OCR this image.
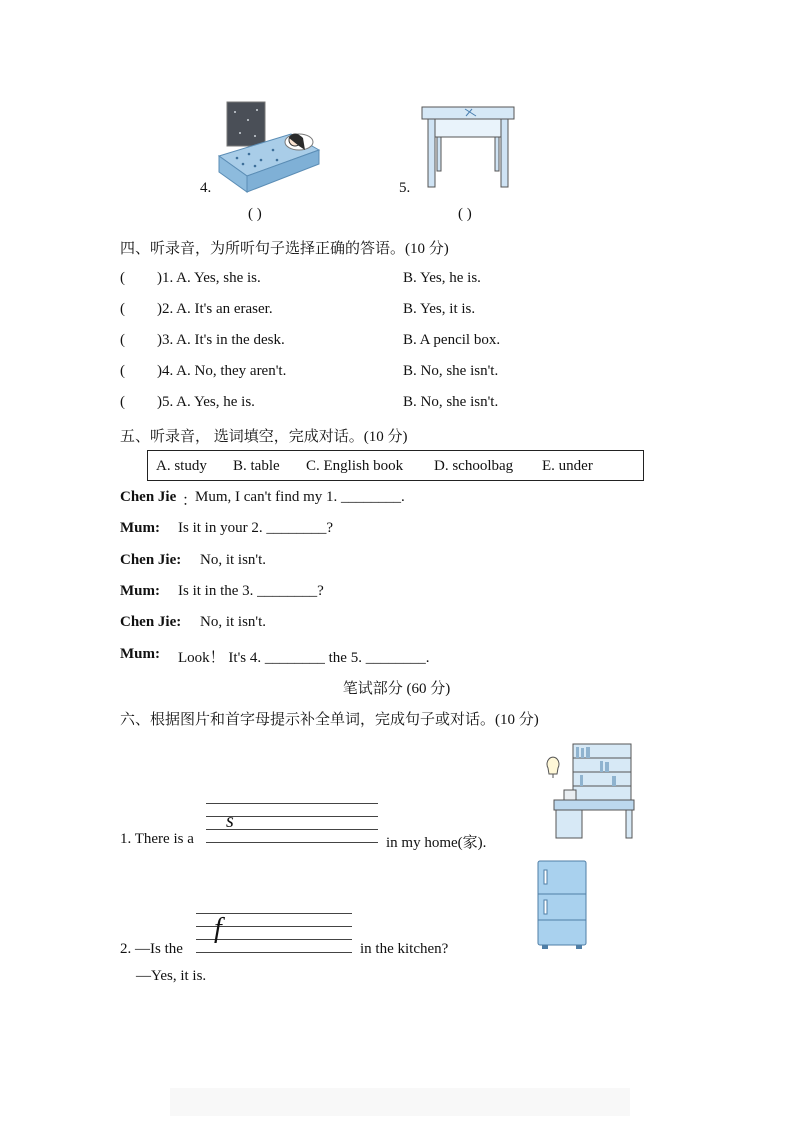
4.
( )
5.
( )
四、听录音，为所听句子选择正确的答语。(10 分)
( )1. A. Yes, she is.	B. Yes, he is.
( )2. A. It's an eraser.	B. Yes, it is.
( )3. A. It's in the desk.	B. A pencil box.
( )4. A. No, they aren't.	B. No, she isn't.
( )5. A. Yes, he is.	B. No, she isn't.
五、听录音， 选词填空，完成对话。(10 分)
A. study B. table C. English book D. schoolbag E. under
Chen Jie ：
Mum, I can't find my 1. ________.
Mum: Is it in your 2. ________?
Chen Jie: No, it isn't.
Mum: Is it in the 3. ________?
Chen Jie: No, it isn't.
Mum: Look！ It's 4. ________ the 5. ________.
笔试部分 (60 分)
六、根据图片和首字母提示补全单词，完成句子或对话。(10 分)
1. There is a
s
in my home(家).
2. —Is the
f
in the kitchen?
—Yes, it is.
